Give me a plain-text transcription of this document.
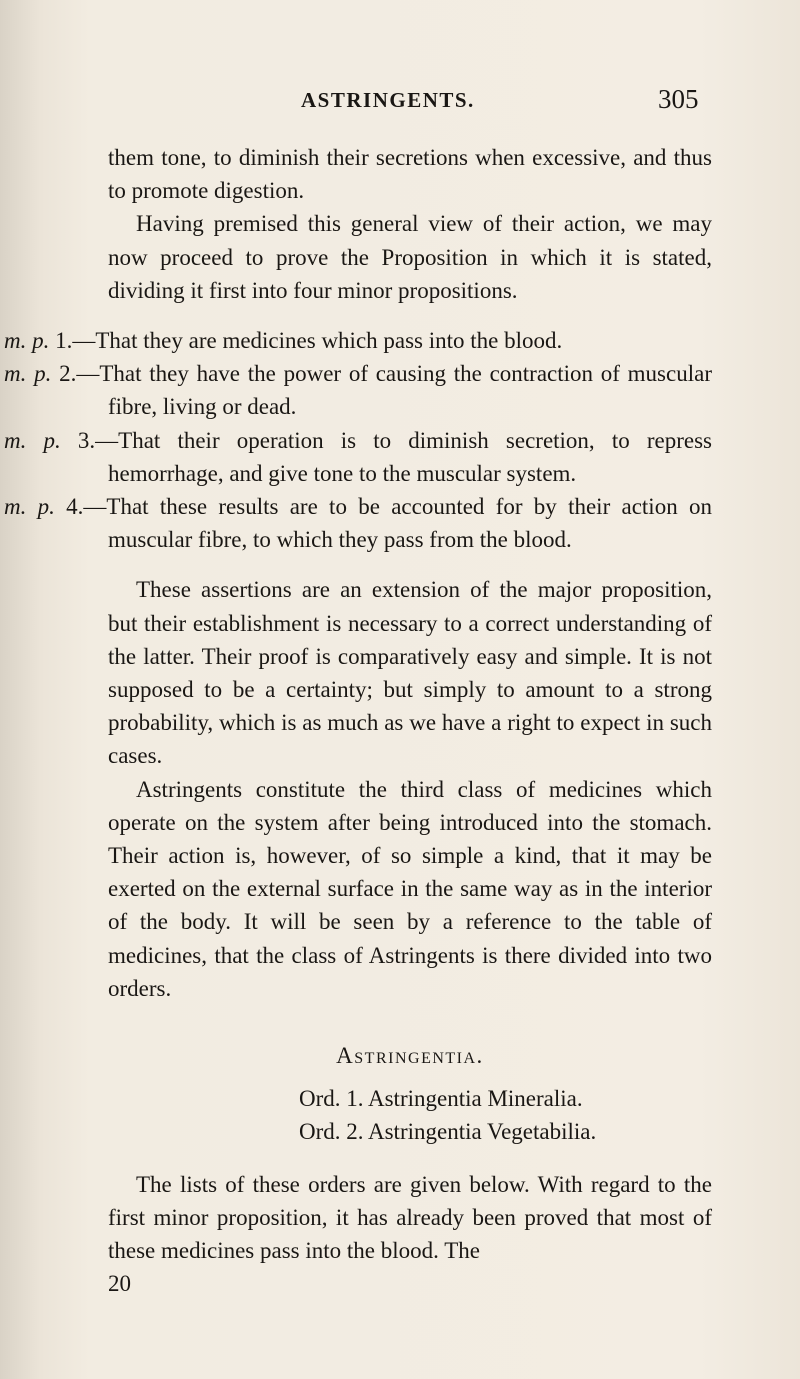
ASTRINGENTS.	305

them tone, to diminish their secretions when excessive, and thus to promote digestion.

Having premised this general view of their action, we may now proceed to prove the Proposition in which it is stated, dividing it first into four minor propositions.

m. p. 1.—That they are medicines which pass into the blood.

m. p. 2.—That they have the power of causing the contraction of muscular fibre, living or dead.

m. p. 3.—That their operation is to diminish secretion, to repress hemorrhage, and give tone to the muscular system.

m. p. 4.—That these results are to be accounted for by their action on muscular fibre, to which they pass from the blood.

These assertions are an extension of the major proposition, but their establishment is necessary to a correct understanding of the latter. Their proof is comparatively easy and simple. It is not supposed to be a certainty; but simply to amount to a strong probability, which is as much as we have a right to expect in such cases.

Astringents constitute the third class of medicines which operate on the system after being introduced into the stomach. Their action is, however, of so simple a kind, that it may be exerted on the external surface in the same way as in the interior of the body. It will be seen by a reference to the table of medicines, that the class of Astringents is there divided into two orders.

Astringentia.
Ord. 1. Astringentia Mineralia.
Ord. 2. Astringentia Vegetabilia.

The lists of these orders are given below. With regard to the first minor proposition, it has already been proved that most of these medicines pass into the blood. The

20
